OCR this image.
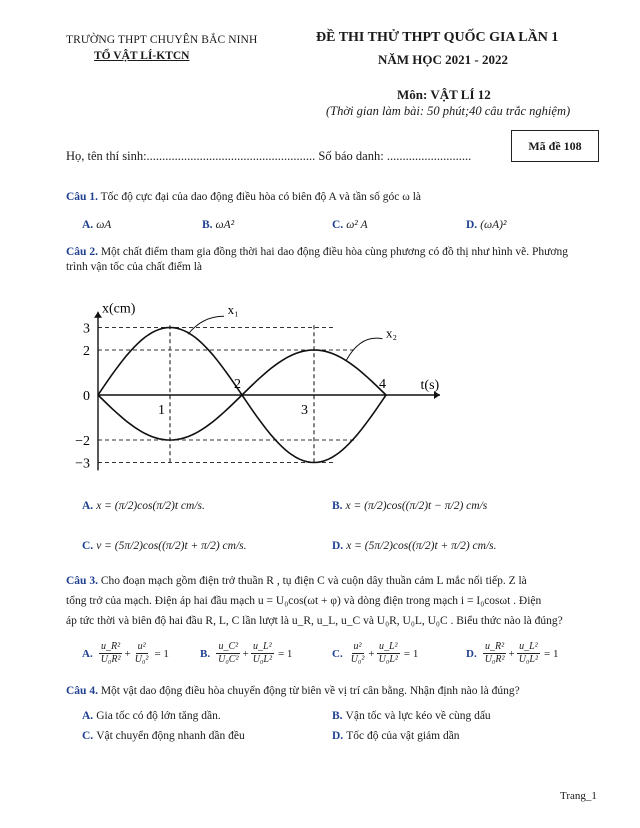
TRƯỜNG THPT CHUYÊN BẮC NINH
TỔ VẬT LÍ-KTCN
ĐỀ THI THỬ THPT QUỐC GIA LẦN 1
NĂM HỌC 2021 - 2022
Môn: VẬT LÍ 12
(Thời gian làm bài: 50 phút;40 câu trắc nghiệm)
Mã đề 108
Họ, tên thí sinh:...................................................... Số báo danh: ...........................
Câu 1. Tốc độ cực đại của dao động điều hòa có biên độ A và tần số góc ω là
A. ωA	B. ωA²	C. ω² A	D. (ωA)²
Câu 2. Một chất điểm tham gia đồng thời hai dao động điều hòa cùng phương có đồ thị như hình vẽ. Phương trình vận tốc của chất điểm là
x₁
x₂
x(cm)
t(s)
3
2
0
−2
−3
1
2
3
4
A. x = (π/2)cos(π/2)t cm/s.	B. x = (π/2)cos((π/2)t − π/2) cm/s
C. v = (5π/2)cos((π/2)t + π/2) cm/s.	D. x = (5π/2)cos((π/2)t + π/2) cm/s.
Câu 3. Cho đoạn mạch gồm điện trở thuần R , tụ điện C và cuộn dây thuần cảm L mắc nối tiếp. Z là
tổng trở của mạch. Điện áp hai đầu mạch u = U₀cos(ωt + φ) và dòng điện trong mạch i = I₀cosωt . Điện
áp tức thời và biên độ hai đầu R, L, C lần lượt là u_R, u_L, u_C và U₀R, U₀L, U₀C . Biểu thức nào là đúng?
A.
u_R²
$U_0R^2 + \frac{\text{u²}}{\text{U₀²}} = 1$	B.
u_C²
$U_0C^2 + \frac{\text{u\_L²}}{\text{U₀L²}} = 1$	C.
u²
$U_0^2 + \frac{\text{u\_L²}}{\text{U₀L²}} = 1$	D.
u_R²
$U_0R^2 + \frac{\text{u\_L²}}{\text{U₀L²}} = 1$
Câu 4. Một vật dao động điều hòa chuyển động từ biên về vị trí cân bằng. Nhận định nào là đúng?
A. Gia tốc có độ lớn tăng dần.	B. Vận tốc và lực kéo về cùng dấu
C. Vật chuyển động nhanh dần đều	D. Tốc độ của vật giảm dần
Trang_1
